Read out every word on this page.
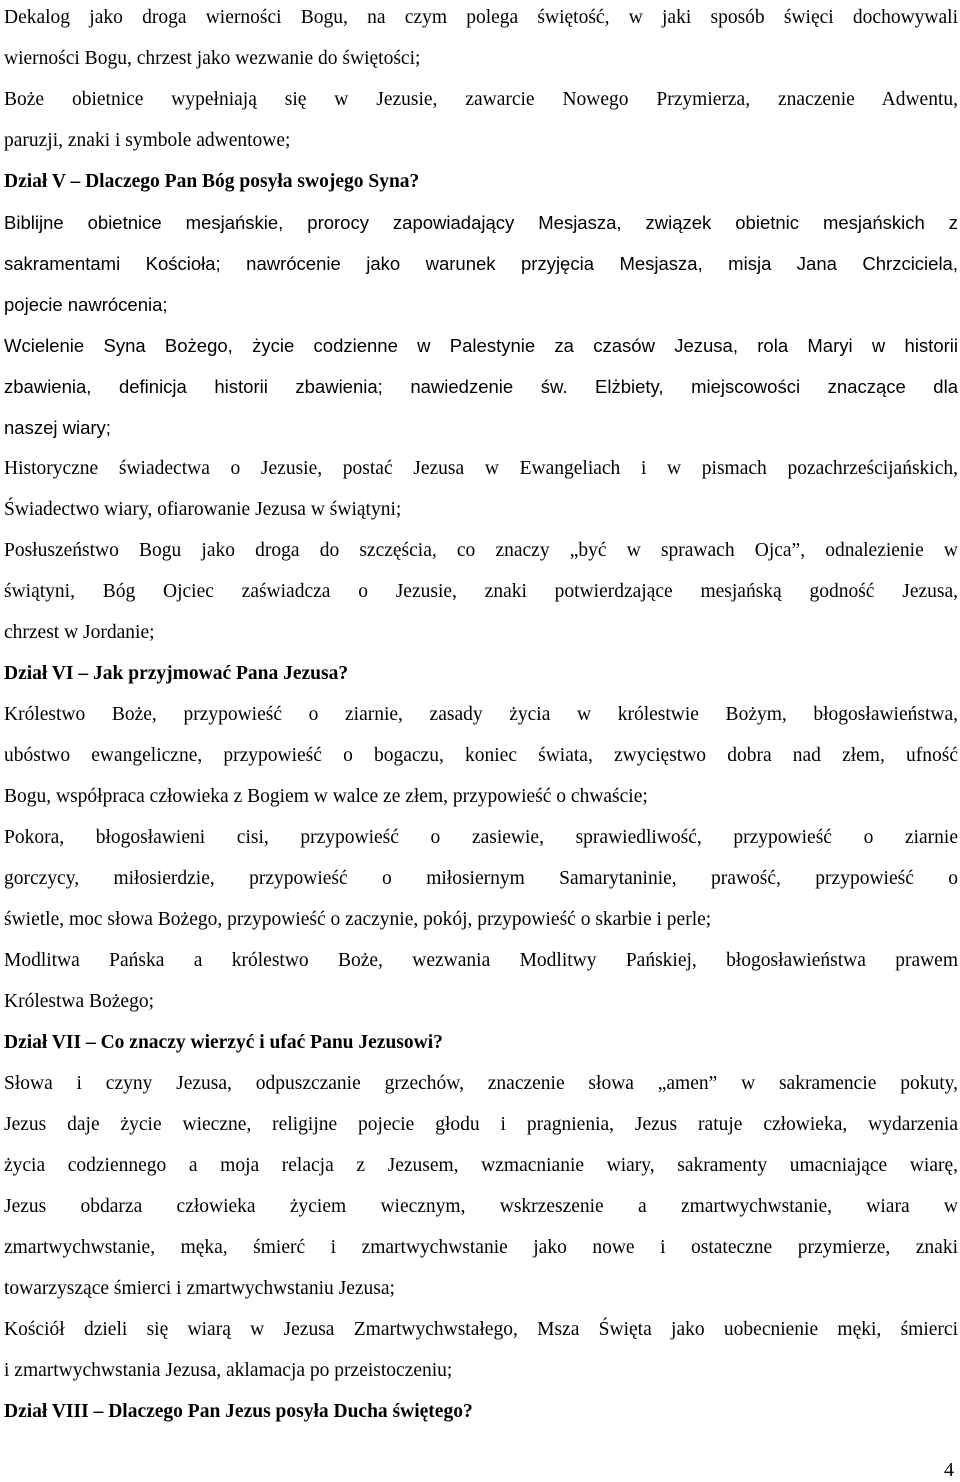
Dekalog jako droga wierności Bogu, na czym polega świętość, w jaki sposób święci dochowywali
wierności Bogu, chrzest jako wezwanie do świętości;
Boże obietnice wypełniają się w Jezusie, zawarcie Nowego Przymierza, znaczenie Adwentu,
paruzji, znaki i symbole adwentowe;
Dział V – Dlaczego Pan Bóg posyła swojego Syna?
Biblijne obietnice mesjańskie, prorocy zapowiadający Mesjasza, związek obietnic mesjańskich z
sakramentami Kościoła; nawrócenie jako warunek przyjęcia Mesjasza, misja Jana Chrzciciela,
pojecie nawrócenia;
Wcielenie Syna Bożego, życie codzienne w Palestynie za czasów Jezusa, rola Maryi w historii
zbawienia, definicja historii zbawienia; nawiedzenie św. Elżbiety, miejscowości znaczące dla
naszej wiary;
Historyczne świadectwa o Jezusie, postać Jezusa w Ewangeliach i w pismach pozachrześcijańskich,
Świadectwo wiary, ofiarowanie Jezusa w świątyni;
Posłuszeństwo Bogu jako droga do szczęścia, co znaczy „być w sprawach Ojca”, odnalezienie w
świątyni, Bóg Ojciec zaświadcza o Jezusie, znaki potwierdzające mesjańską godność Jezusa,
chrzest w Jordanie;
Dział VI – Jak przyjmować Pana Jezusa?
Królestwo Boże, przypowieść o ziarnie, zasady życia w królestwie Bożym, błogosławieństwa,
ubóstwo ewangeliczne, przypowieść o bogaczu, koniec świata, zwycięstwo dobra nad złem, ufność
Bogu, współpraca człowieka z Bogiem w walce ze złem, przypowieść o chwaście;
Pokora, błogosławieni cisi, przypowieść o zasiewie, sprawiedliwość, przypowieść o ziarnie
gorczycy, miłosierdzie, przypowieść o miłosiernym Samarytaninie, prawość, przypowieść o
świetle, moc słowa Bożego, przypowieść o zaczynie, pokój, przypowieść o skarbie i perle;
Modlitwa Pańska a królestwo Boże, wezwania Modlitwy Pańskiej, błogosławieństwa prawem
Królestwa Bożego;
Dział VII – Co znaczy wierzyć i ufać Panu Jezusowi?
Słowa i czyny Jezusa, odpuszczanie grzechów, znaczenie słowa „amen” w sakramencie pokuty,
Jezus daje życie wieczne, religijne pojecie głodu i pragnienia, Jezus ratuje człowieka, wydarzenia
życia codziennego a moja relacja z Jezusem, wzmacnianie wiary, sakramenty umacniające wiarę,
Jezus obdarza człowieka życiem wiecznym, wskrzeszenie a zmartwychwstanie, wiara w
zmartwychwstanie, męka, śmierć i zmartwychwstanie jako nowe i ostateczne przymierze, znaki
towarzyszące śmierci i zmartwychwstaniu Jezusa;
Kościół dzieli się wiarą w Jezusa Zmartwychwstałego, Msza Święta jako uobecnienie męki, śmierci
i zmartwychwstania Jezusa, aklamacja po przeistoczeniu;
Dział VIII – Dlaczego Pan Jezus posyła Ducha świętego?
4
